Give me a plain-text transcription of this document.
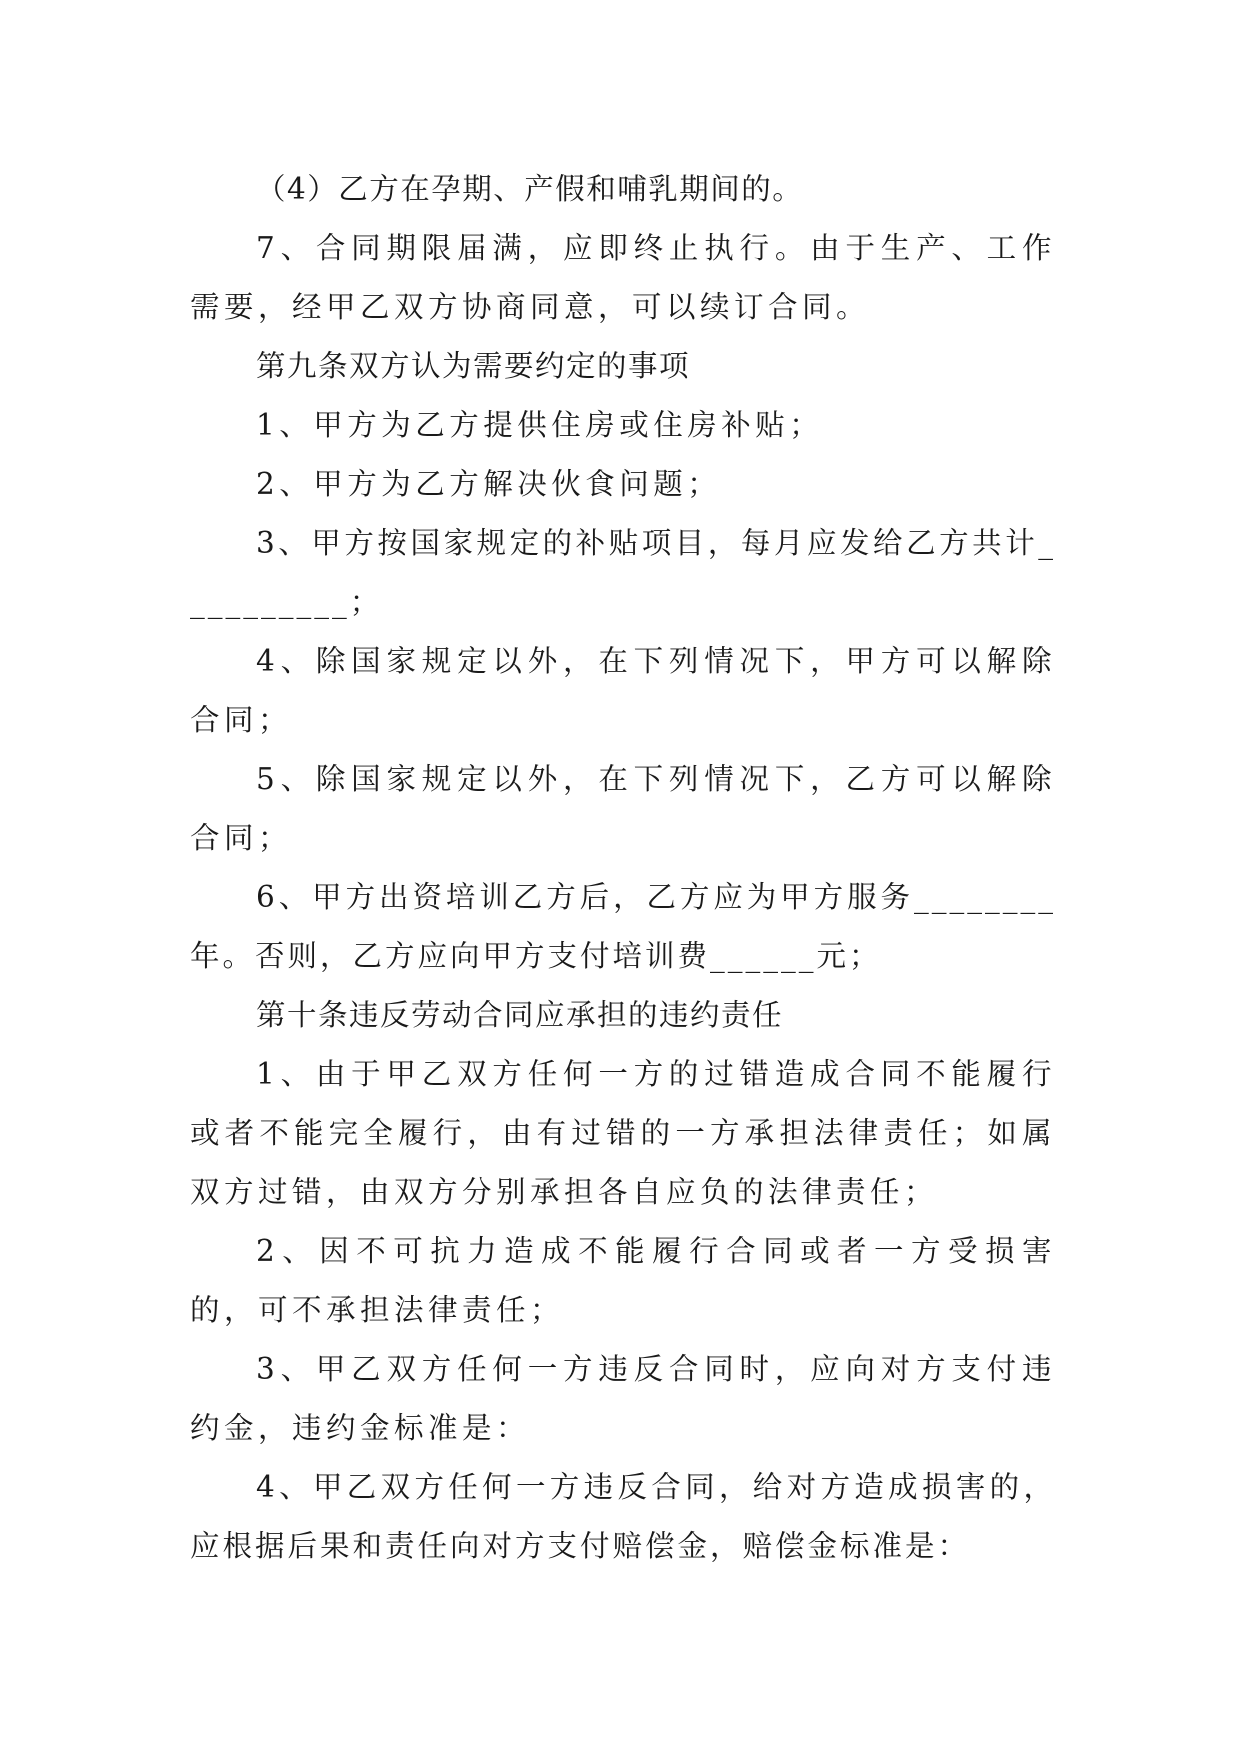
（4）乙方在孕期、产假和哺乳期间的。

7、合同期限届满，应即终止执行。由于生产、工作需要，经甲乙双方协商同意，可以续订合同。

第九条双方认为需要约定的事项

1、甲方为乙方提供住房或住房补贴；

2、甲方为乙方解决伙食问题；

3、甲方按国家规定的补贴项目，每月应发给乙方共计__________；

4、除国家规定以外，在下列情况下，甲方可以解除合同；

5、除国家规定以外，在下列情况下，乙方可以解除合同；

6、甲方出资培训乙方后，乙方应为甲方服务________年。否则，乙方应向甲方支付培训费______元；

第十条违反劳动合同应承担的违约责任

1、由于甲乙双方任何一方的过错造成合同不能履行或者不能完全履行，由有过错的一方承担法律责任；如属双方过错，由双方分别承担各自应负的法律责任；

2、因不可抗力造成不能履行合同或者一方受损害的，可不承担法律责任；

3、甲乙双方任何一方违反合同时，应向对方支付违约金，违约金标准是：

4、甲乙双方任何一方违反合同，给对方造成损害的，应根据后果和责任向对方支付赔偿金，赔偿金标准是：
